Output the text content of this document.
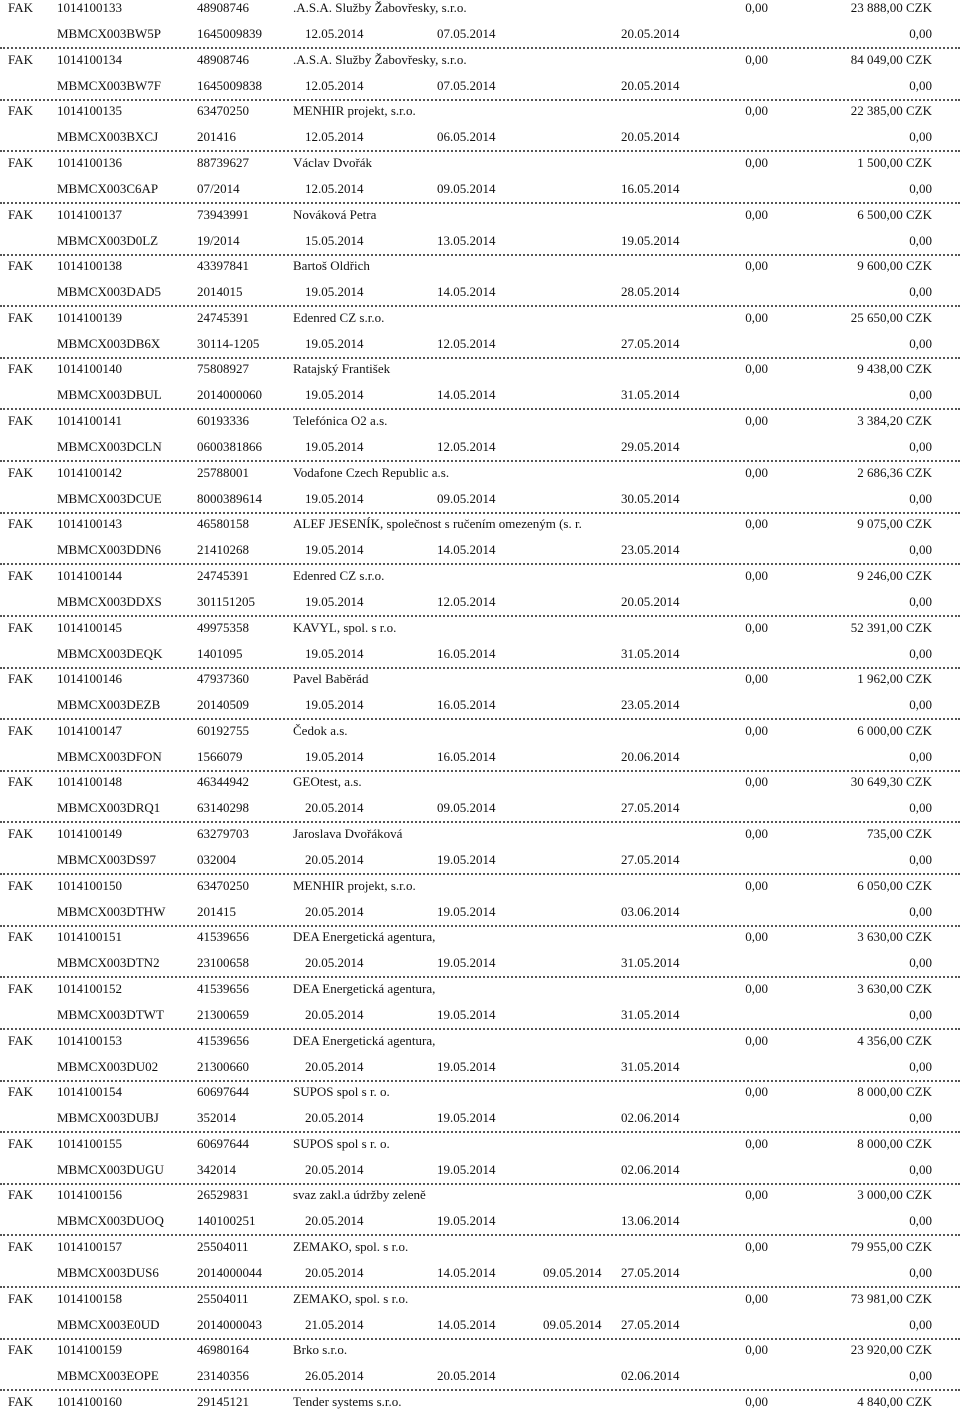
FAK 1014100133	48908746	.A.S.A. Služby Žabovřesky, s.r.o.	0,00	23 888,00 CZK
MBMCX003BW5P	1645009839	12.05.2014	07.05.2014	20.05.2014	0,00
FAK 1014100134	48908746	.A.S.A. Služby Žabovřesky, s.r.o.	0,00	84 049,00 CZK
MBMCX003BW7F	1645009838	12.05.2014	07.05.2014	20.05.2014	0,00
FAK 1014100135	63470250	MENHIR projekt, s.r.o.	0,00	22 385,00 CZK
MBMCX003BXCJ	201416	12.05.2014	06.05.2014	20.05.2014	0,00
FAK 1014100136	88739627	Václav Dvořák	0,00	1 500,00 CZK
MBMCX003C6AP	07/2014	12.05.2014	09.05.2014	16.05.2014	0,00
FAK 1014100137	73943991	Nováková Petra	0,00	6 500,00 CZK
MBMCX003D0LZ	19/2014	15.05.2014	13.05.2014	19.05.2014	0,00
FAK 1014100138	43397841	Bartoš Oldřich	0,00	9 600,00 CZK
MBMCX003DAD5	2014015	19.05.2014	14.05.2014	28.05.2014	0,00
FAK 1014100139	24745391	Edenred CZ s.r.o.	0,00	25 650,00 CZK
MBMCX003DB6X	30114-1205	19.05.2014	12.05.2014	27.05.2014	0,00
FAK 1014100140	75808927	Ratajský František	0,00	9 438,00 CZK
MBMCX003DBUL	2014000060	19.05.2014	14.05.2014	31.05.2014	0,00
FAK 1014100141	60193336	Telefónica O2 a.s.	0,00	3 384,20 CZK
MBMCX003DCLN	0600381866	19.05.2014	12.05.2014	29.05.2014	0,00
FAK 1014100142	25788001	Vodafone Czech Republic a.s.	0,00	2 686,36 CZK
MBMCX003DCUE	8000389614	19.05.2014	09.05.2014	30.05.2014	0,00
FAK 1014100143	46580158	ALEF JESENÍK, společnost s ručením omezeným (s. r.	0,00	9 075,00 CZK
MBMCX003DDN6	21410268	19.05.2014	14.05.2014	23.05.2014	0,00
FAK 1014100144	24745391	Edenred CZ s.r.o.	0,00	9 246,00 CZK
MBMCX003DDXS	301151205	19.05.2014	12.05.2014	20.05.2014	0,00
FAK 1014100145	49975358	KAVYL, spol. s r.o.	0,00	52 391,00 CZK
MBMCX003DEQK	1401095	19.05.2014	16.05.2014	31.05.2014	0,00
FAK 1014100146	47937360	Pavel Baběrád	0,00	1 962,00 CZK
MBMCX003DEZB	20140509	19.05.2014	16.05.2014	23.05.2014	0,00
FAK 1014100147	60192755	Čedok a.s.	0,00	6 000,00 CZK
MBMCX003DFON	1566079	19.05.2014	16.05.2014	20.06.2014	0,00
FAK 1014100148	46344942	GEOtest, a.s.	0,00	30 649,30 CZK
MBMCX003DRQ1	63140298	20.05.2014	09.05.2014	27.05.2014	0,00
FAK 1014100149	63279703	Jaroslava Dvořáková	0,00	735,00 CZK
MBMCX003DS97	032004	20.05.2014	19.05.2014	27.05.2014	0,00
FAK 1014100150	63470250	MENHIR projekt, s.r.o.	0,00	6 050,00 CZK
MBMCX003DTHW 201415	20.05.2014	19.05.2014	03.06.2014	0,00
FAK 1014100151	41539656	DEA Energetická agentura,	0,00	3 630,00 CZK
MBMCX003DTN2	23100658	20.05.2014	19.05.2014	31.05.2014	0,00
FAK 1014100152	41539656	DEA Energetická agentura,	0,00	3 630,00 CZK
MBMCX003DTWT	21300659	20.05.2014	19.05.2014	31.05.2014	0,00
FAK 1014100153	41539656	DEA Energetická agentura,	0,00	4 356,00 CZK
MBMCX003DU02	21300660	20.05.2014	19.05.2014	31.05.2014	0,00
FAK 1014100154	60697644	SUPOS spol s r. o.	0,00	8 000,00 CZK
MBMCX003DUBJ	352014	20.05.2014	19.05.2014	02.06.2014	0,00
FAK 1014100155	60697644	SUPOS spol s r. o.	0,00	8 000,00 CZK
MBMCX003DUGU	342014	20.05.2014	19.05.2014	02.06.2014	0,00
FAK 1014100156	26529831	svaz zakl.a údržby zeleně	0,00	3 000,00 CZK
MBMCX003DUOQ	140100251	20.05.2014	19.05.2014	13.06.2014	0,00
FAK 1014100157	25504011	ZEMAKO, spol. s r.o.	0,00	79 955,00 CZK
MBMCX003DUS6	2014000044	20.05.2014	14.05.2014	09.05.2014 27.05.2014	0,00
FAK 1014100158	25504011	ZEMAKO, spol. s r.o.	0,00	73 981,00 CZK
MBMCX003E0UD	2014000043	21.05.2014	14.05.2014	09.05.2014 27.05.2014	0,00
FAK 1014100159	46980164	Brko s.r.o.	0,00	23 920,00 CZK
MBMCX003EOPE	23140356	26.05.2014	20.05.2014	02.06.2014	0,00
FAK 1014100160	29145121	Tender systems s.r.o.	0,00	4 840,00 CZK
